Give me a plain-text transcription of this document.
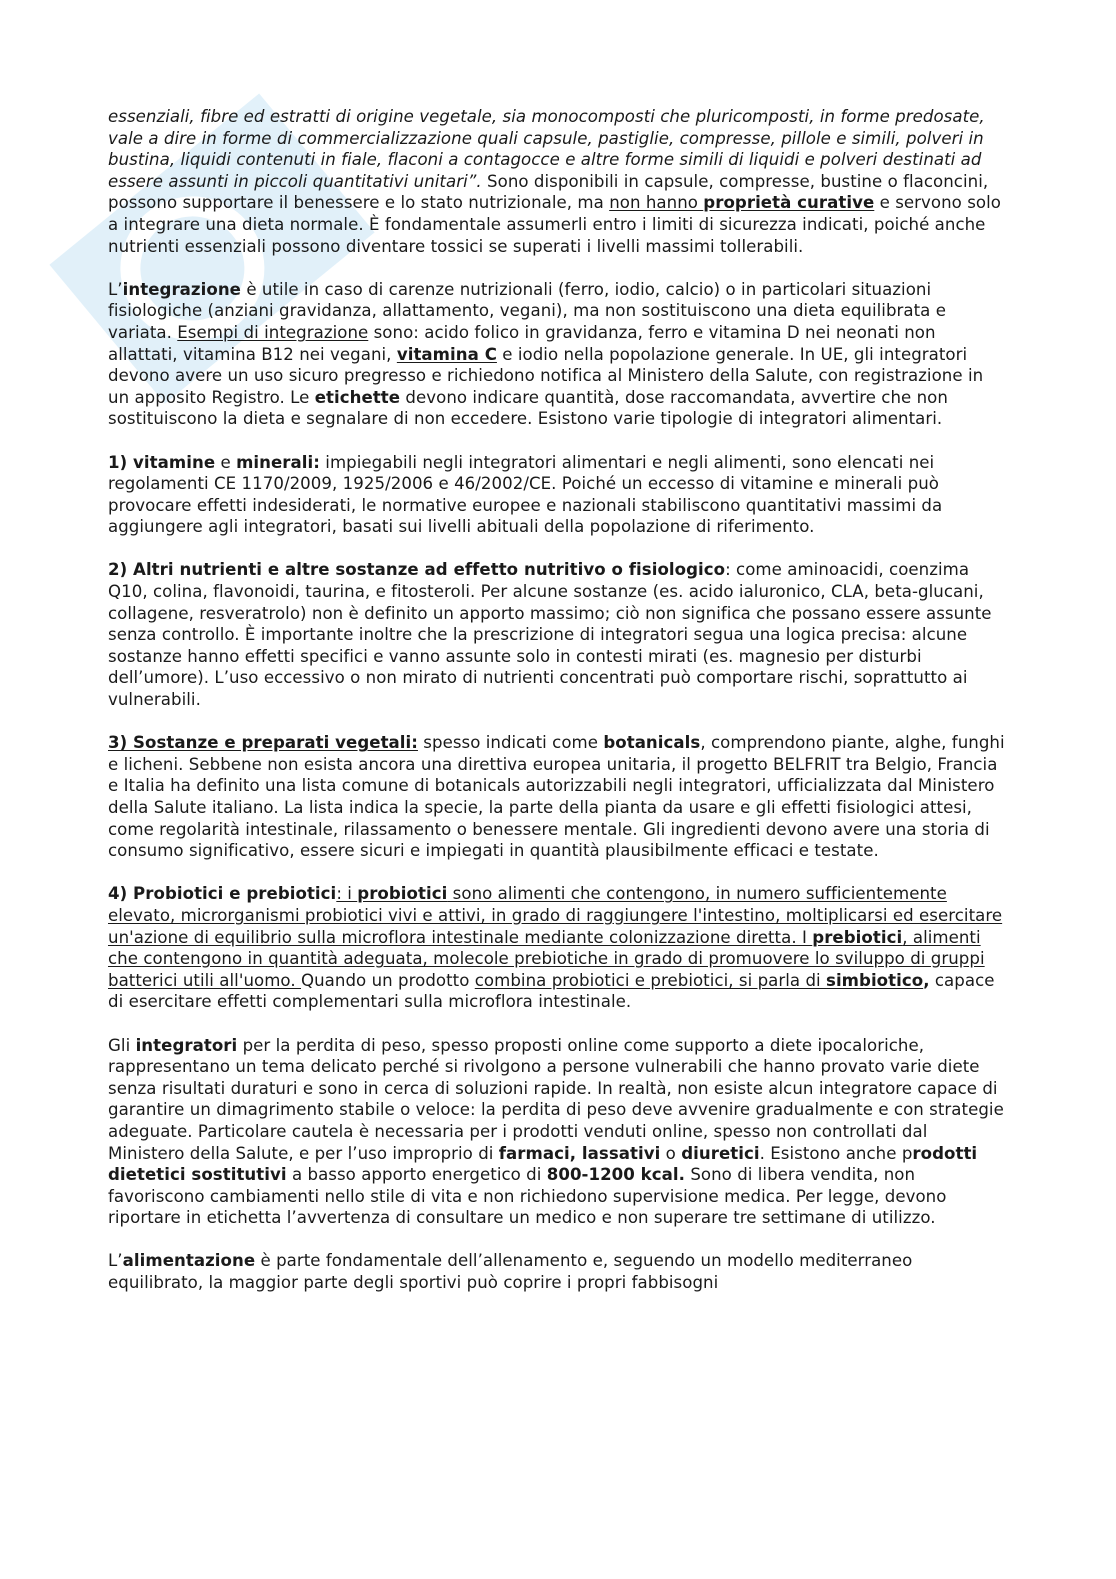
essenziali, fibre ed estratti di origine vegetale, sia monocomposti che pluricomposti, in forme predosate, vale a dire in forme di commercializzazione quali capsule, pastiglie, compresse, pillole e simili, polveri in bustina, liquidi contenuti in fiale, flaconi a contagocce e altre forme simili di liquidi e polveri destinati ad essere assunti in piccoli quantitativi unitari”. Sono disponibili in capsule, compresse, bustine o flaconcini, possono supportare il benessere e lo stato nutrizionale, ma non hanno proprietà curative e servono solo a integrare una dieta normale. È fondamentale assumerli entro i limiti di sicurezza indicati, poiché anche nutrienti essenziali possono diventare tossici se superati i livelli massimi tollerabili.

L’integrazione è utile in caso di carenze nutrizionali (ferro, iodio, calcio) o in particolari situazioni fisiologiche (anziani gravidanza, allattamento, vegani), ma non sostituiscono una dieta equilibrata e variata. Esempi di integrazione sono: acido folico in gravidanza, ferro e vitamina D nei neonati non allattati, vitamina B12 nei vegani, vitamina C e iodio nella popolazione generale. In UE, gli integratori devono avere un uso sicuro pregresso e richiedono notifica al Ministero della Salute, con registrazione in un apposito Registro. Le etichette devono indicare quantità, dose raccomandata, avvertire che non sostituiscono la dieta e segnalare di non eccedere. Esistono varie tipologie di integratori alimentari.

1) vitamine e minerali: impiegabili negli integratori alimentari e negli alimenti, sono elencati nei regolamenti CE 1170/2009, 1925/2006 e 46/2002/CE. Poiché un eccesso di vitamine e minerali può provocare effetti indesiderati, le normative europee e nazionali stabiliscono quantitativi massimi da aggiungere agli integratori, basati sui livelli abituali della popolazione di riferimento.

2) Altri nutrienti e altre sostanze ad effetto nutritivo o fisiologico: come aminoacidi, coenzima Q10, colina, flavonoidi, taurina, e fitosteroli. Per alcune sostanze (es. acido ialuronico, CLA, beta-glucani, collagene, resveratrolo) non è definito un apporto massimo; ciò non significa che possano essere assunte senza controllo. È importante inoltre che la prescrizione di integratori segua una logica precisa: alcune sostanze hanno effetti specifici e vanno assunte solo in contesti mirati (es. magnesio per disturbi dell’umore). L’uso eccessivo o non mirato di nutrienti concentrati può comportare rischi, soprattutto ai vulnerabili.

3) Sostanze e preparati vegetali: spesso indicati come botanicals, comprendono piante, alghe, funghi e licheni. Sebbene non esista ancora una direttiva europea unitaria, il progetto BELFRIT tra Belgio, Francia e Italia ha definito una lista comune di botanicals autorizzabili negli integratori, ufficializzata dal Ministero della Salute italiano. La lista indica la specie, la parte della pianta da usare e gli effetti fisiologici attesi, come regolarità intestinale, rilassamento o benessere mentale. Gli ingredienti devono avere una storia di consumo significativo, essere sicuri e impiegati in quantità plausibilmente efficaci e testate.

4) Probiotici e prebiotici: i probiotici sono alimenti che contengono, in numero sufficientemente elevato, microrganismi probiotici vivi e attivi, in grado di raggiungere l'intestino, moltiplicarsi ed esercitare un'azione di equilibrio sulla microflora intestinale mediante colonizzazione diretta. I prebiotici, alimenti che contengono in quantità adeguata, molecole prebiotiche in grado di promuovere lo sviluppo di gruppi batterici utili all'uomo. Quando un prodotto combina probiotici e prebiotici, si parla di simbiotico, capace di esercitare effetti complementari sulla microflora intestinale.

Gli integratori per la perdita di peso, spesso proposti online come supporto a diete ipocaloriche, rappresentano un tema delicato perché si rivolgono a persone vulnerabili che hanno provato varie diete senza risultati duraturi e sono in cerca di soluzioni rapide. In realtà, non esiste alcun integratore capace di garantire un dimagrimento stabile o veloce: la perdita di peso deve avvenire gradualmente e con strategie adeguate. Particolare cautela è necessaria per i prodotti venduti online, spesso non controllati dal Ministero della Salute, e per l’uso improprio di farmaci, lassativi o diuretici. Esistono anche prodotti dietetici sostitutivi a basso apporto energetico di 800-1200 kcal. Sono di libera vendita, non favoriscono cambiamenti nello stile di vita e non richiedono supervisione medica. Per legge, devono riportare in etichetta l’avvertenza di consultare un medico e non superare tre settimane di utilizzo.

L’alimentazione è parte fondamentale dell’allenamento e, seguendo un modello mediterraneo equilibrato, la maggior parte degli sportivi può coprire i propri fabbisogni
